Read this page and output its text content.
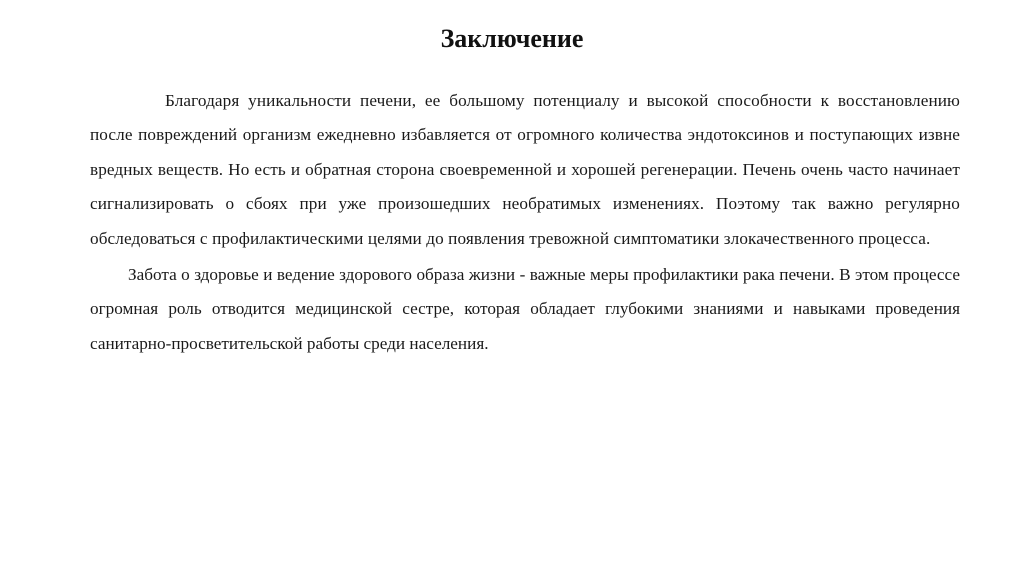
Заключение

Благодаря уникальности печени, ее большому потенциалу и высокой способности к восстановлению после повреждений организм ежедневно избавляется от огромного количества эндотоксинов и поступающих извне вредных веществ. Но есть и обратная сторона своевременной и хорошей регенерации. Печень очень часто начинает сигнализировать о сбоях при уже произошедших необратимых изменениях. Поэтому так важно регулярно обследоваться с профилактическими целями до появления тревожной симптоматики злокачественного процесса.

Забота о здоровье и ведение здорового образа жизни - важные меры профилактики рака печени. В этом процессе огромная роль отводится медицинской сестре, которая обладает глубокими знаниями и навыками проведения санитарно-просветительской работы среди населения.
